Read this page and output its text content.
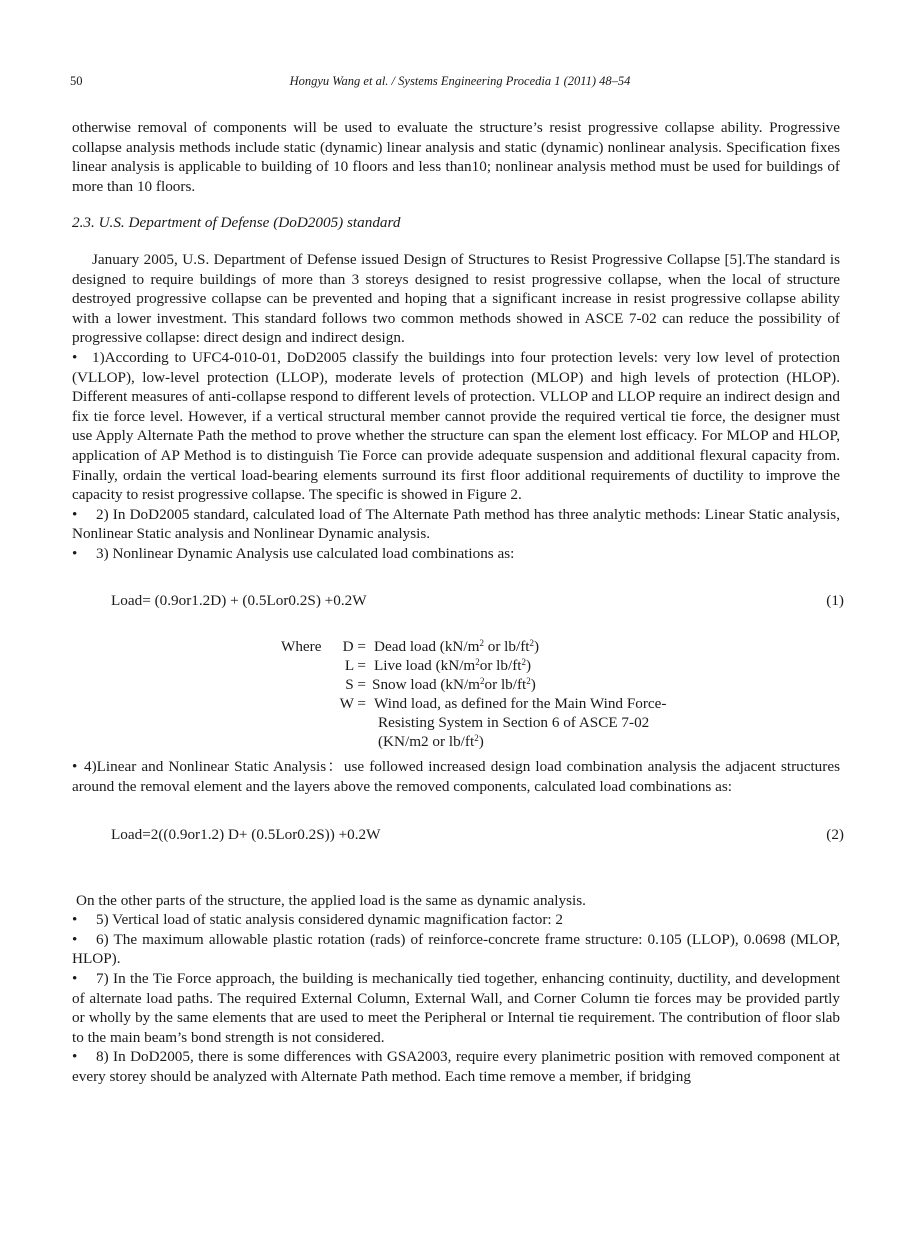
50	Hongyu Wang et al. / Systems Engineering Procedia 1 (2011) 48–54

otherwise removal of components will be used to evaluate the structure’s resist progressive collapse ability. Progressive collapse analysis methods include static (dynamic) linear analysis and static (dynamic) nonlinear analysis. Specification fixes linear analysis is applicable to building of 10 floors and less than10; nonlinear analysis method must be used for buildings of more than 10 floors.

2.3. U.S. Department of Defense (DoD2005) standard

January 2005, U.S. Department of Defense issued Design of Structures to Resist Progressive Collapse [5].The standard is designed to require buildings of more than 3 storeys designed to resist progressive collapse, when the local of structure destroyed progressive collapse can be prevented and hoping that a significant increase in resist progressive collapse ability with a lower investment. This standard follows two common methods showed in ASCE 7-02 can reduce the possibility of progressive collapse: direct design and indirect design.

• 1)According to UFC4-010-01, DoD2005 classify the buildings into four protection levels: very low level of protection (VLLOP), low-level protection (LLOP), moderate levels of protection (MLOP) and high levels of protection (HLOP). Different measures of anti-collapse respond to different levels of protection. VLLOP and LLOP require an indirect design and fix tie force level. However, if a vertical structural member cannot provide the required vertical tie force, the designer must use Apply Alternate Path the method to prove whether the structure can span the element lost efficacy. For MLOP and HLOP, application of AP Method is to distinguish Tie Force can provide adequate suspension and additional flexural capacity from. Finally, ordain the vertical load-bearing elements surround its first floor additional requirements of ductility to improve the capacity to resist progressive collapse. The specific is showed in Figure 2.

• 2) In DoD2005 standard, calculated load of The Alternate Path method has three analytic methods: Linear Static analysis, Nonlinear Static analysis and Nonlinear Dynamic analysis.

• 3) Nonlinear Dynamic Analysis use calculated load combinations as:

Load= (0.9or1.2D) + (0.5Lor0.2S) +0.2W	(1)
Where	D = Dead load ($kN/m^2$ or $lb/ft^2$)
L = Live load ($kN/m^2or$ $lb/ft^2$)
S = Snow load ($kN/m^2or$ $lb/ft^2$)
W = Wind load, as defined for the Main Wind Force-
Resisting System in Section 6 of ASCE 7-02
(KN/m2 or $lb/ft^2$)

• 4)Linear and Nonlinear Static Analysis：use followed increased design load combination analysis the adjacent structures around the removal element and the layers above the removed components, calculated load combinations as:

Load=2((0.9or1.2) D+ (0.5Lor0.2S)) +0.2W	(2)

On the other parts of the structure, the applied load is the same as dynamic analysis.

• 5) Vertical load of static analysis considered dynamic magnification factor: 2

• 6) The maximum allowable plastic rotation (rads) of reinforce-concrete frame structure: 0.105 (LLOP), 0.0698 (MLOP, HLOP).

• 7) In the Tie Force approach, the building is mechanically tied together, enhancing continuity, ductility, and development of alternate load paths. The required External Column, External Wall, and Corner Column tie forces may be provided partly or wholly by the same elements that are used to meet the Peripheral or Internal tie requirement. The contribution of floor slab to the main beam’s bond strength is not considered.

• 8) In DoD2005, there is some differences with GSA2003, require every planimetric position with removed component at every storey should be analyzed with Alternate Path method. Each time remove a member, if bridging
